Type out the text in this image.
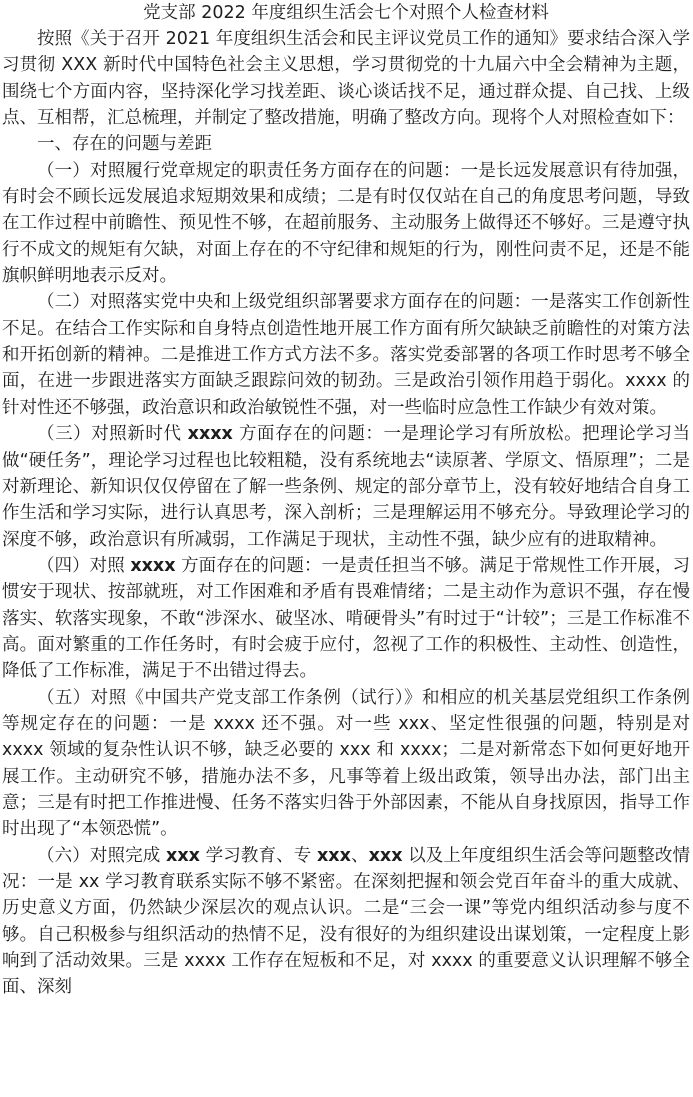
党支部 2022 年度组织生活会七个对照个人检查材料

按照《关于召开 2021 年度组织生活会和民主评议党员工作的通知》要求结合深入学习贯彻 XXX 新时代中国特色社会主义思想，学习贯彻党的十九届六中全会精神为主题，围绕七个方面内容，坚持深化学习找差距、谈心谈话找不足，通过群众提、自己找、上级点、互相帮，汇总梳理，并制定了整改措施，明确了整改方向。现将个人对照检查如下：

一、存在的问题与差距

（一）对照履行党章规定的职责任务方面存在的问题：一是长远发展意识有待加强，有时会不顾长远发展追求短期效果和成绩；二是有时仅仅站在自己的角度思考问题，导致在工作过程中前瞻性、预见性不够，在超前服务、主动服务上做得还不够好。三是遵守执行不成文的规矩有欠缺，对面上存在的不守纪律和规矩的行为，刚性问责不足，还是不能旗帜鲜明地表示反对。

（二）对照落实党中央和上级党组织部署要求方面存在的问题：一是落实工作创新性不足。在结合工作实际和自身特点创造性地开展工作方面有所欠缺缺乏前瞻性的对策方法和开拓创新的精神。二是推进工作方式方法不多。落实党委部署的各项工作时思考不够全面，在进一步跟进落实方面缺乏跟踪问效的韧劲。三是政治引领作用趋于弱化。xxxx 的针对性还不够强，政治意识和政治敏锐性不强，对一些临时应急性工作缺少有效对策。

（三）对照新时代 xxxx 方面存在的问题：一是理论学习有所放松。把理论学习当做“硬任务”，理论学习过程也比较粗糙，没有系统地去“读原著、学原文、悟原理”；二是对新理论、新知识仅仅停留在了解一些条例、规定的部分章节上，没有较好地结合自身工作生活和学习实际，进行认真思考，深入剖析；三是理解运用不够充分。导致理论学习的深度不够，政治意识有所减弱，工作满足于现状，主动性不强，缺少应有的进取精神。

（四）对照 xxxx 方面存在的问题：一是责任担当不够。满足于常规性工作开展，习惯安于现状、按部就班，对工作困难和矛盾有畏难情绪；二是主动作为意识不强，存在慢落实、软落实现象，不敢“涉深水、破坚冰、啃硬骨头”有时过于“计较”；三是工作标准不高。面对繁重的工作任务时，有时会疲于应付，忽视了工作的积极性、主动性、创造性，降低了工作标准，满足于不出错过得去。

（五）对照《中国共产党支部工作条例（试行）》和相应的机关基层党组织工作条例等规定存在的问题：一是 xxxx 还不强。对一些 xxx、坚定性很强的问题，特别是对 xxxx 领域的复杂性认识不够，缺乏必要的 xxx 和 xxxx；二是对新常态下如何更好地开展工作。主动研究不够，措施办法不多，凡事等着上级出政策，领导出办法，部门出主意；三是有时把工作推进慢、任务不落实归咎于外部因素，不能从自身找原因，指导工作时出现了“本领恐慌”。

（六）对照完成 xxx 学习教育、专 xxx、xxx 以及上年度组织生活会等问题整改情况：一是 xx 学习教育联系实际不够不紧密。在深刻把握和领会党百年奋斗的重大成就、历史意义方面，仍然缺少深层次的观点认识。二是“三会一课”等党内组织活动参与度不够。自己积极参与组织活动的热情不足，没有很好的为组织建设出谋划策，一定程度上影响到了活动效果。三是 xxxx 工作存在短板和不足，对 xxxx 的重要意义认识理解不够全面、深刻
